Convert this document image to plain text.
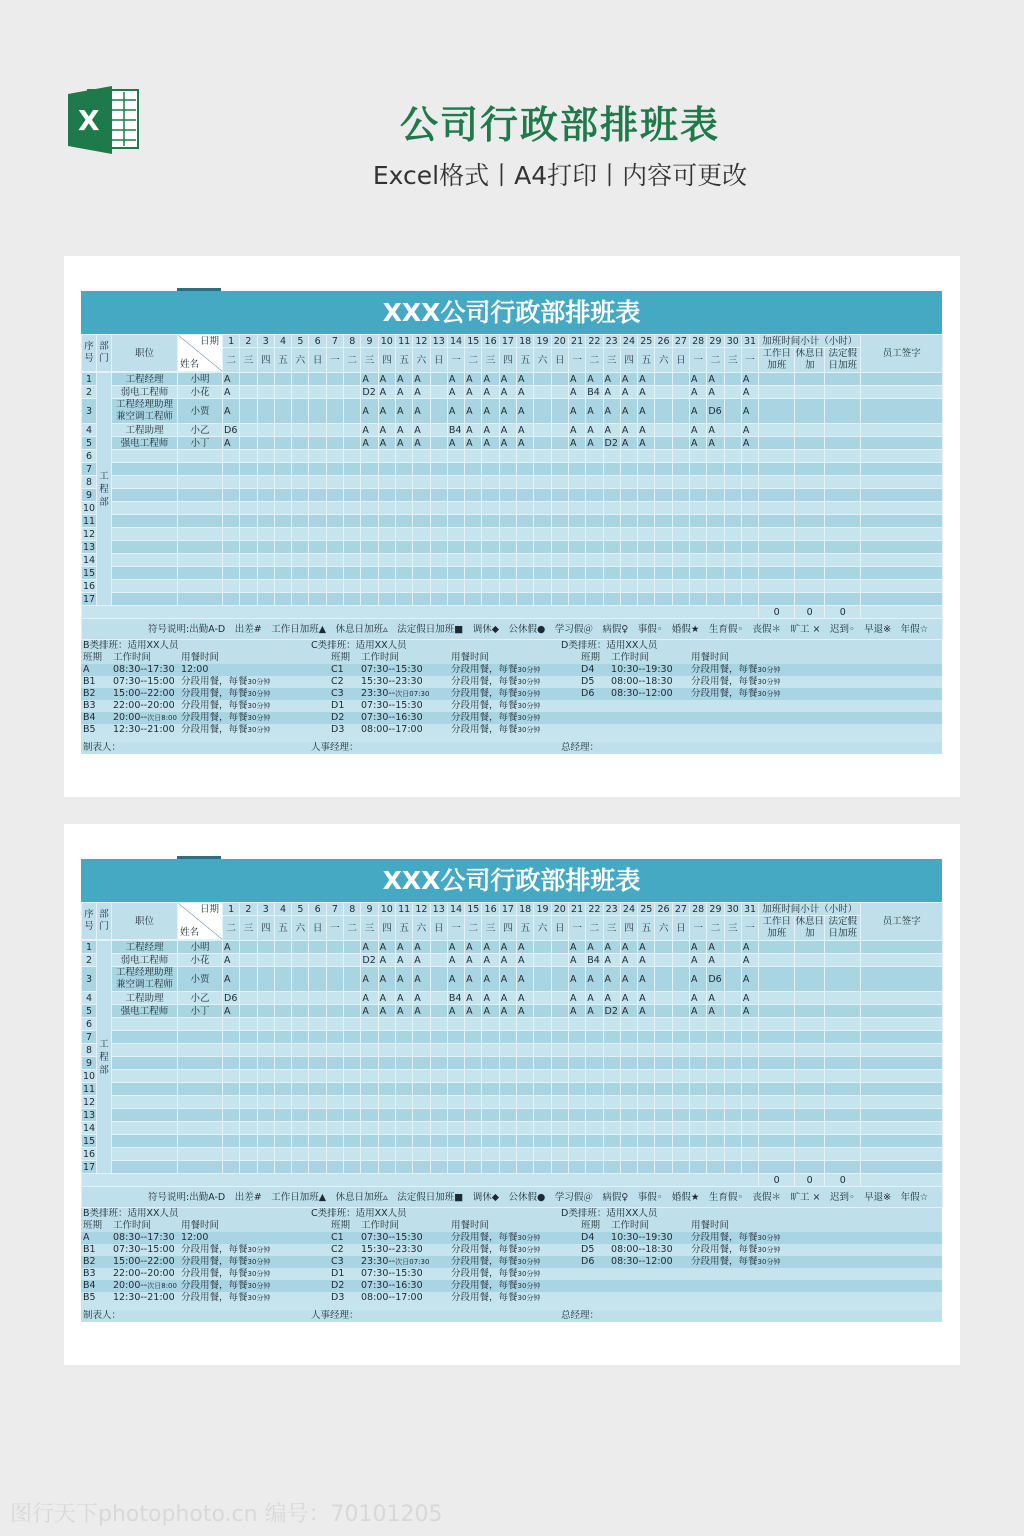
X	公司行政部排班表
Excel格式丨A4打印丨内容可更改
XXX公司行政部排班表
序号	部门	职位	日期
姓名	1	2	3	4	5	6	7	8	9	10	11	12	13	14	15	16	17	18	19	20	21	22	23	24	25	26	27	28	29	30	31	加班时间小计（小时）			员工签字
				二	三	四	五	六	日	一	二	三	四	五	六	日	一	二	三	四	五	六	日	一	二	三	四	五	六	日	一	二	三	一	工作日加班	休息日加	法定假日加班	

1	工程部	工程经理	小明	A								A	A	A	A		A	A	A	A	A			A	A	A	A	A			A	A		A				
2		弱电工程师	小花	A								D2	A	A	A		A	A	A	A	A			A	B4	A	A	A			A	A		A				
3		工程经理助理兼空调工程师	小贾	A								A	A	A	A		A	A	A	A	A			A	A	A	A	A			A	D6		A				
4		工程助理	小乙	D6								A	A	A	A		B4	A	A	A	A			A	A	A	A	A			A	A		A				
5		强电工程师	小丁	A								A	A	A	A		A	A	A	A	A			A	A	D2	A	A			A	A		A				
6																																						
7																																						
8																																						
9																																						
10																																						
11																																						
12																																						
13																																						
14																																						
15																																						
16																																						
17																																						
																																			0	0	0	
符号说明:出勤A-D　出差#　工作日加班▲　休息日加班▵　法定假日加班■　调休◆　公休假●　学习假＠　病假♀　事假◦　婚假★　生育假◦　丧假＊　旷工 ×　迟到◦　早退※　年假☆																																						
B类排班：适用XX人员			C类排班：适用XX人员				D类排班：适用XX人员			
班期	工作时间	用餐时间		班期	工作时间	用餐时间		班期	工作时间	用餐时间
A	08:30--17:30	12:00		C1	07:30--15:30	分段用餐，每餐30分钟		D4	10:30--19:30	分段用餐，每餐30分钟
B1	07:30--15:00	分段用餐，每餐30分钟		C2	15:30--23:30	分段用餐，每餐30分钟		D5	08:00--18:30	分段用餐，每餐30分钟
B2	15:00--22:00	分段用餐，每餐30分钟		C3	23:30--次日07:30	分段用餐，每餐30分钟		D6	08:30--12:00	分段用餐，每餐30分钟
B3	22:00--20:00	分段用餐，每餐30分钟		D1	07:30--15:30	分段用餐，每餐30分钟				
B4	20:00--次日8:00	分段用餐，每餐30分钟		D2	07:30--16:30	分段用餐，每餐30分钟				
B5	12:30--21:00	分段用餐，每餐30分钟		D3	08:00--17:00	分段用餐，每餐30分钟				

制表人：			人事经理：				总经理：			
XXX公司行政部排班表
序号	部门	职位	日期
姓名	1	2	3	4	5	6	7	8	9	10	11	12	13	14	15	16	17	18	19	20	21	22	23	24	25	26	27	28	29	30	31	加班时间小计（小时）			员工签字
				二	三	四	五	六	日	一	二	三	四	五	六	日	一	二	三	四	五	六	日	一	二	三	四	五	六	日	一	二	三	一	工作日加班	休息日加	法定假日加班	

1	工程部	工程经理	小明	A								A	A	A	A		A	A	A	A	A			A	A	A	A	A			A	A		A				
2		弱电工程师	小花	A								D2	A	A	A		A	A	A	A	A			A	B4	A	A	A			A	A		A				
3		工程经理助理兼空调工程师	小贾	A								A	A	A	A		A	A	A	A	A			A	A	A	A	A			A	D6		A				
4		工程助理	小乙	D6								A	A	A	A		B4	A	A	A	A			A	A	A	A	A			A	A		A				
5		强电工程师	小丁	A								A	A	A	A		A	A	A	A	A			A	A	D2	A	A			A	A		A				
6																																						
7																																						
8																																						
9																																						
10																																						
11																																						
12																																						
13																																						
14																																						
15																																						
16																																						
17																																						
																																			0	0	0	
符号说明:出勤A-D　出差#　工作日加班▲　休息日加班▵　法定假日加班■　调休◆　公休假●　学习假＠　病假♀　事假◦　婚假★　生育假◦　丧假＊　旷工 ×　迟到◦　早退※　年假☆																																						
B类排班：适用XX人员			C类排班：适用XX人员				D类排班：适用XX人员			
班期	工作时间	用餐时间		班期	工作时间	用餐时间		班期	工作时间	用餐时间
A	08:30--17:30	12:00		C1	07:30--15:30	分段用餐，每餐30分钟		D4	10:30--19:30	分段用餐，每餐30分钟
B1	07:30--15:00	分段用餐，每餐30分钟		C2	15:30--23:30	分段用餐，每餐30分钟		D5	08:00--18:30	分段用餐，每餐30分钟
B2	15:00--22:00	分段用餐，每餐30分钟		C3	23:30--次日07:30	分段用餐，每餐30分钟		D6	08:30--12:00	分段用餐，每餐30分钟
B3	22:00--20:00	分段用餐，每餐30分钟		D1	07:30--15:30	分段用餐，每餐30分钟				
B4	20:00--次日8:00	分段用餐，每餐30分钟		D2	07:30--16:30	分段用餐，每餐30分钟				
B5	12:30--21:00	分段用餐，每餐30分钟		D3	08:00--17:00	分段用餐，每餐30分钟				

制表人：			人事经理：				总经理：			
图行天下photophoto.cn 编号：70101205
